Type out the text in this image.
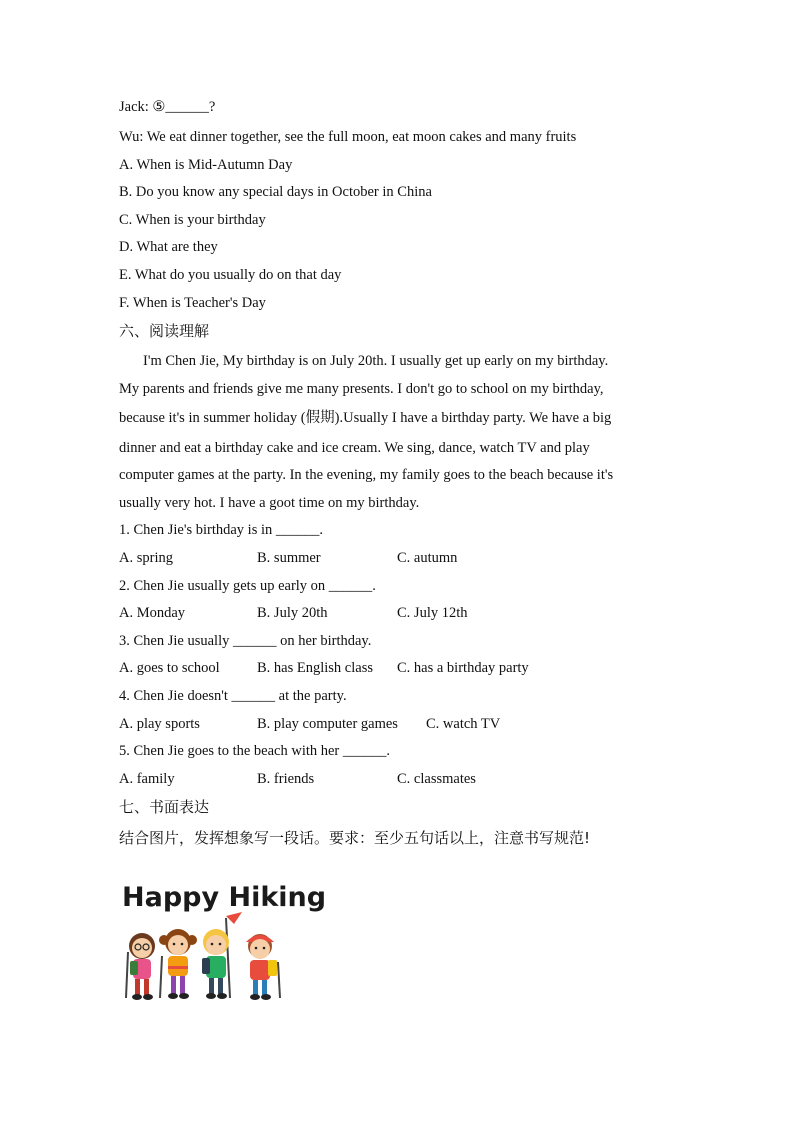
Jack: ⑤______?
Wu: We eat dinner together, see the full moon, eat moon cakes and many fruits
A. When is Mid-Autumn Day
B. Do you know any special days in October in China
C. When is your birthday
D. What are they
E. What do you usually do on that day
F. When is Teacher's Day
六、阅读理解
I'm Chen Jie, My birthday is on July 20th. I usually get up early on my birthday.
My parents and friends give me many presents. I don't go to school on my birthday,
because it's in summer holiday (假期).Usually I have a birthday party. We have a big
dinner and eat a birthday cake and ice cream. We sing, dance, watch TV and play
computer games at the party. In the evening, my family goes to the beach because it's
usually very hot. I have a goot time on my birthday.
1. Chen Jie's birthday is in ______.
A. spring	B. summer	C. autumn
2. Chen Jie usually gets up early on ______.
A. Monday	B. July 20th	C. July 12th
3. Chen Jie usually ______ on her birthday.
A. goes to school	B. has English class C. has a birthday party
4. Chen Jie doesn't ______ at the party.
A. play sports	B. play computer games C. watch TV
5. Chen Jie goes to the beach with her ______.
A. family	B. friends	C. classmates
七、书面表达
结合图片，发挥想象写一段话。要求：至少五句话以上，注意书写规范!
Happy Hiking
